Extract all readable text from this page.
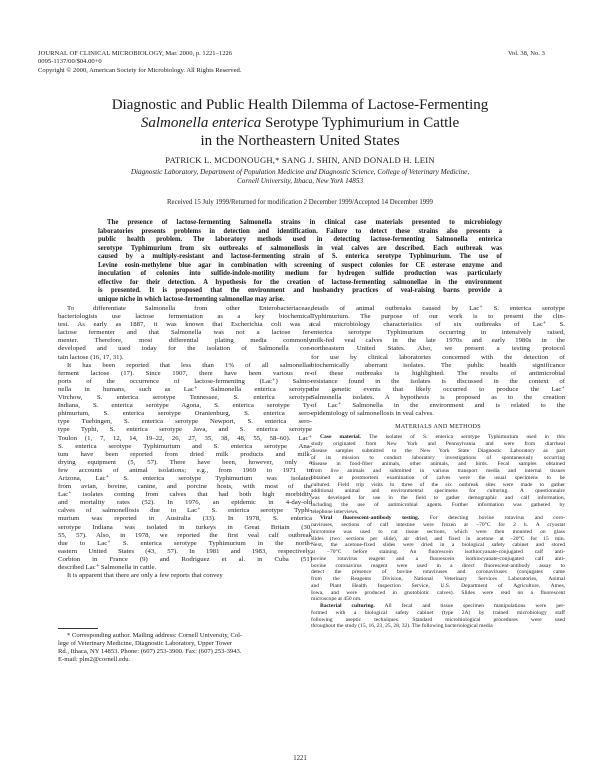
JOURNAL OF CLINICAL MICROBIOLOGY, Mar. 2000, p. 1221–1226
0095-1137/00/$04.00+0
Copyright © 2000, American Society for Microbiology. All Rights Reserved.
Vol. 38, No. 3
Diagnostic and Public Health Dilemma of Lactose-Fermenting
Salmonella enterica Serotype Typhimurium in Cattle
in the Northeastern United States
PATRICK L. MCDONOUGH,* SANG J. SHIN, AND DONALD H. LEIN
Diagnostic Laboratory, Department of Population Medicine and Diagnostic Science, College of Veterinary Medicine,
Cornell University, Ithaca, New York 14853
Received 15 July 1999/Returned for modification 2 December 1999/Accepted 14 December 1999
The presence of lactose-fermenting Salmonella strains in clinical case materials presented to microbiology
laboratories presents problems in detection and identification. Failure to detect these strains also presents a
public health problem. The laboratory methods used in detecting lactose-fermenting Salmonella enterica
serotype Typhimurium from six outbreaks of salmonellosis in veal calves are described. Each outbreak was
caused by a multiply-resistant and lactose-fermenting strain of S. enterica serotype Typhimurium. The use of
Levine eosin-methylene blue agar in combination with screening of suspect colonies for CE esterase enzyme and
inoculation of colonies into sulfide-indole-motility medium for hydrogen sulfide production was particularly
effective for their detection. A hypothesis for the creation of lactose-fermenting salmonellae in the environment
is presented. It is proposed that the environment and husbandry practices of veal-raising barns provide a
unique niche in which lactose-fermenting salmonellae may arise.
To differentiate Salmonella from other Enterobacteriaceae,
bacteriologists use lactose fermentation as a key biochemical
test. As early as 1887, it was known that Escherichia coli was a
lactose fermenter and that Salmonella was not a lactose fer-
menter. Therefore, most differential plating media commonly
developed and used today for the isolation of Salmonella con-
tain lactose (16, 17, 31).
It has been reported that less than 1% of all salmonellae
ferment lactose (17). Since 1907, there have been various re-
ports of the occurrence of lactose-fermenting (Lac⁺) Salmo-
nella in humans, such as Lac⁺ Salmonella enterica serotype
Virchow, S. enterica serotype Tennessee, S. enterica serotype
Indiana, S. enterica serotype Agona, S. enterica serotype Ty-
phimurium, S. enterica serotype Oranienburg, S. enterica sero-
type Tuebingen, S. enterica serotype Newport, S. enterica sero-
type Typhi, S. enterica serotype Java, and S. enterica serotype
Toulon (1, 7, 12, 14, 19–22, 26, 27, 35, 38, 48, 55, 58–60). Lac⁺
S. enterica serotype Typhimurium and S. enterica serotype Ana-
tum have been reported from dried milk products and milk-
drying equipment (5, 57). There have been, however, only a
few accounts of animal isolations; e.g., from 1969 to 1971 in
Arizona, Lac⁺ S. enterica serotype Typhimurium was isolated
from avian, bovine, canine, and porcine hosts, with most of the
Lac⁺ isolates coming from calves that had both high morbidity
and mortality rates (52). In 1976, an epidemic in 4-day-old
calves of salmonellosis due to Lac⁺ S. enterica serotype Typhi-
murium was reported in Australia (33). In 1978, S. enterica
serotype Indiana was isolated in turkeys in Great Britain (30,
55, 57). Also, in 1978, we reported the first veal calf outbreak
due to Lac⁺ S. enterica serotype Typhimurium in the north-
eastern United States (43, 57). In 1981 and 1983, respectively,
Corbion in France (9) and Rodriguez et al. in Cuba (51)
described Lac⁺ Salmonella in cattle.
It is apparent that there are only a few reports that convey
details of animal outbreaks caused by Lac⁺ S. enterica serotype
Typhimurium. The purpose of our work is to present the clin-
ical microbiology characteristics of six outbreaks of Lac⁺ S.
enterica serotype Typhimurium occurring in intensively raised,
milk-fed veal calves in the late 1970s and early 1980s in the
northeastern United States. Also, we present a testing protocol
for use by clinical laboratories concerned with the detection of
biochemically aberrant isolates. The public health significance
of these outbreaks is highlighted. The results of antimicrobial
resistance found in the isolates is discussed in the context of
the genetic events that likely occurred to produce the Lac⁺
Salmonella isolates. A hypothesis is proposed as to the creation
of Lac⁺ Salmonella in the environment and is related to the
epidemiology of salmonellosis in veal calves.
MATERIALS AND METHODS
Case material. The isolates of S. enterica serotype Typhimurium used in this
study originated from New York and Pennsylvania and were from diarrheal
disease samples submitted to the New York State Diagnostic Laboratory as part
of its mission to conduct laboratory investigations of spontaneously occurring
disease in food-fiber animals, other animals, and birds. Fecal samples obtained
from live animals and submitted in various transport media and internal tissues
obtained at postmortem examination of calves were the usual specimens to be
cultured. Field trip visits to three of the six outbreak sites were made to gather
additional animal and environmental specimens for culturing. A questionnaire
was developed for use in the field to gather demographic and calf information,
including the use of antimicrobial agents. Further information was gathered by
telephone interviews.
Viral fluorescent-antibody testing. For detecting bovine rotavirus and coro-
naviruses, sections of calf intestine were frozen at −70°C for 2 h. A cryostat
microtome was used to cut tissue sections, which were then mounted on glass
slides (two sections per slide), air dried, and fixed in acetone at −20°C for 15 min.
Next, the acetone-fixed slides were dried in a biological safety cabinet and stored
at −70°C before staining. An fluorescein isothiocyanate-conjugated calf anti-
bovine rotavirus reagent and a fluorescein isothiocyanate-conjugated calf anti-
bovine coronavirus reagent were used in a direct fluorescent-antibody assay to
detect the presence of bovine rotaviruses and coronaviruses (conjugates came
from the Reagents Division, National Veterinary Services Laboratories, Animal
and Plant Health Inspection Service, U.S. Department of Agriculture, Ames,
Iowa, and were produced in gnotobiotic calves). Slides were read on a fluorescent
microscope at 450 nm.
Bacterial culturing. All fecal and tissue specimen manipulations were per-
formed with a biological safety cabinet (type 2A) by trained microbiology staff
following aseptic techniques. Standard microbiological procedures were used
throughout the study (15, 16, 23, 25, 28, 32). The following bacteriological media
* Corresponding author. Mailing address: Cornell University, Col-
lege of Veterinary Medicine, Diagnostic Laboratory, Upper Tower
Rd., Ithaca, NY 14853. Phone: (607) 253-3900. Fax: (607) 253-3943.
E-mail: plm2@cornell.edu.
1221
